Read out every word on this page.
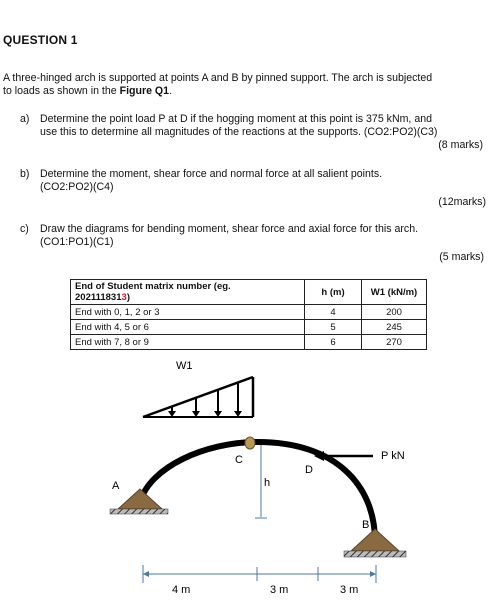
QUESTION 1
A three-hinged arch is supported at points A and B by pinned support. The arch is subjected
to loads as shown in the Figure Q1.
a) Determine the point load P at D if the hogging moment at this point is 375 kNm, and
use this to determine all magnitudes of the reactions at the supports. (CO2:PO2)(C3)
(8 marks)
b) Determine the moment, shear force and normal force at all salient points.
(CO2:PO2)(C4)
(12marks)
c) Draw the diagrams for bending moment, shear force and axial force for this arch.
(CO1:PO1)(C1)
(5 marks)
End of Student matrix number (eg.
2021118313)	h (m)	W1 (kN/m)
End with 0, 1, 2 or 3	4	200
End with 4, 5 or 6	5	245
End with 7, 8 or 9	6	270
W1
A
B
C
h
D
P kN
4 m	3 m	3 m
